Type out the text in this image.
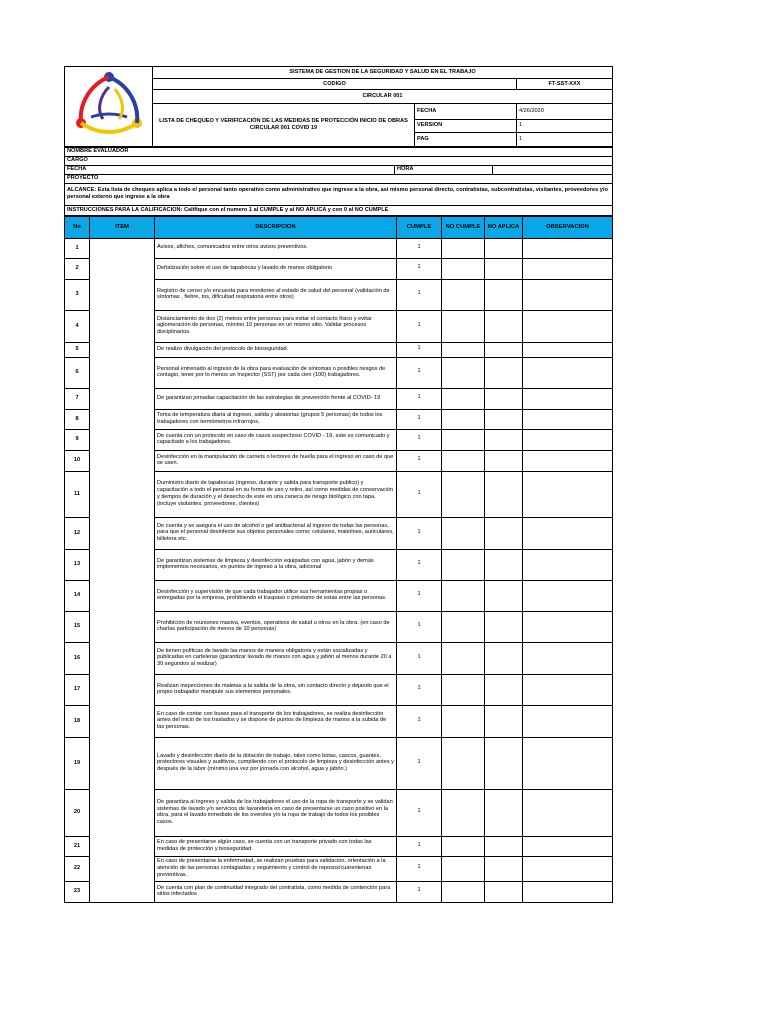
	SISTEMA DE GESTION DE LA SEGURIDAD Y SALUD EN EL TRABAJO		
	CODIGO		FT-SST-XXX
	CIRCULAR 001		

	LISTA DE CHEQUEO Y VERIFICACIÓN DE LAS MEDIDAS DE PROTECCIÓN INICIO DE OBRAS
CIRCULAR 001 COVID 19	FECHA	4/26/2020
		VERSION	1
		PAG	1
NOMBRE EVALUADOR
CARGO
FECHA	HORA	
PROYECTO
ALCANCE: Esta lista de chequeo aplica a todo el personal tanto operativo como administrativo que ingrese a la obra, asi mismo personal directo, contratistas, subcontratistas, visitantes, proveedores y/o personal externo que ingrese a la obra
INSTRUCCIONES PARA LA CALIFICACION: Califique con el numero 1 al CUMPLE y al NO APLICA y con 0 al NO CUMPLE
No	ITEM	DESCRIPCION	CUMPLE	NO CUMPLE	NO APLICA	OBSERVACION
1		Avisos, afiches, comunicados entre otros avisos preventivos.	1			
2		Deñalización sobre el uso de tapabocas y lavado de manos obligatorio	1			
3		Registro de censo y/o encuesta para monitoreo al estado de salud del personal (validación de síntomas , fiebre, tos, dificultad respiratoria entre otros)	1			
4		Distanciamiento de dos (2) metros entre personas para evitar el contacto físico y evitar aglomeración de personas, mínimo 10 personas en un mismo sitio. Validar procesos disciplinarios.	1			
5		De realizo divulgación del protocolo de bioseguridad.	1			
6		Personal entrenado al ingreso de la obra para evaluación de síntomas o posibles riesgos de contagio, tener por lo menos un Inspector (SST) por cada cien (100) trabajadores.	1			
7		De garantizan jornadas capacitación de las estrategias de prevención frente al COVID- 19	1			
8		Toma de temperatura diaria al ingreso, salida y aleatorias (grupos 5 personas) de todos los trabajadores con termómetros infrarrojos.	1			
9		De cuenta con un protocolo en caso de casos sospechoso COVID - 19, este es comunicado y capacitado a los trabajadores.	1			
10		Desinfección en la manipulación de carnets o lectores de huella para el ingreso en caso de que se usen.	1			
11		Duministro diario de tapabocas (ingreso, durante y salida para transporte publico) y capacitación a todo el personal en su forma de uso y retiro, así como medidas de conservación y tiempos de duración y el desecho de este en una caneca de riesgo biológico con tapa. (incluye visitantes, proveedores, clientes)	1			
12		De cuenta y se asegura el uso de alcohol o gel antibacterial al ingreso de todas las personas, para que el personal desinfecte sus objetos personales como; celulares, maletines, auriculares, billetera etc.	1			
13		De garantizan sistemas de limpieza y desinfección equipadas con agua, jabón y demás implementos necesarios, en puntos de ingreso a la obra, adicional	1			
14		Desinfección y supervisión de que cada trabajador utilice sus herramientas propias o entregadas por la empresa, prohibiendo el traspaso o préstamo de estas entre las personas.	1			
15		Prohibición de reuniones masiva, eventos, operativos de salud u otros en la obra. (en caso de charlas participación de menos de 10 personas)	1			
16		De tienen políticas de lavado las manos de manera obligatoria y están socializadas y publicadas en carteleras (garantizar lavado de manos con agua y jabón al menos durante 20 a 30 segundos al realizar)	1			
17		Realizan inspecciones de maletas a la salida de la obra, sin contacto directo y dejando que el propio trabajador manipule sus elementos personales.	1			
18		En caso de contar con buses para el transporte de los trabajadores, se realiza desinfección antes del inicio de los traslados y se dispone de puntos de limpieza de manos a la subida de las personas.	1			
19		Lavado y desinfección diario de la dotación de trabajo, tales como botas, cascos, guantes, protectores visuales y auditivos, cumpliendo con el protocolo de limpieza y desinfección antes y después de la labor (mínimo una vez por jornada con alcohol, agua y jabón.)	1			
20		De garantiza al ingreso y salida de los trabajadores el uso de la ropa de transporte y se validan sistemas de lavado y/o servicios de lavandería en caso de presentarse un caso positivo en la obra, para el lavado inmediato de los overoles y/o la ropa de trabajo de todos los posibles casos.	1			
21		En caso de presentarse algún caso, se cuenta con un transporte privado con todas las medidas de protección y bioseguridad	1			
22		En caso de presentarse la enfermedad, se realizan pruebas para validación, orientación a la atención de las personas contagiadas y seguimiento y control de reposos/cuarentenas preventivas.	1			
23		De cuenta con plan de continuidad integrado del contratista, como medida de contención para sitios infectados	1			
